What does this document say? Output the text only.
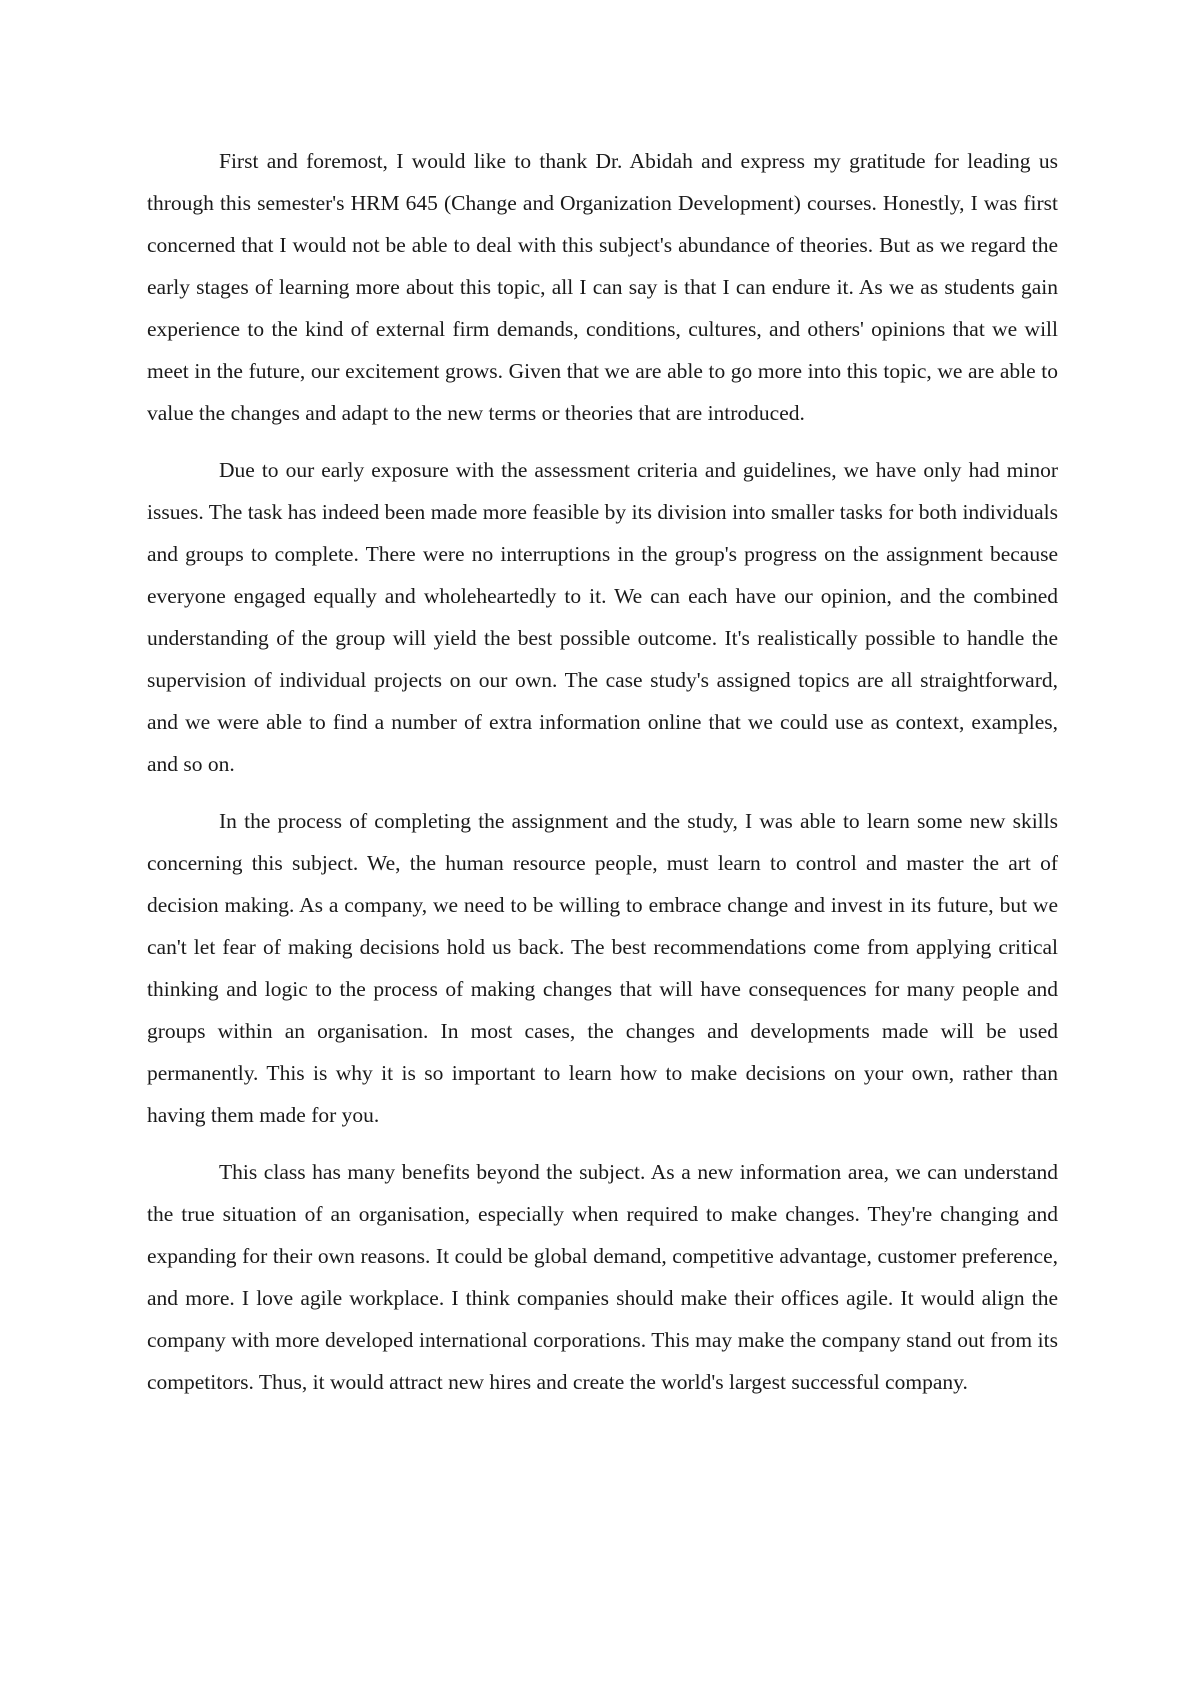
First and foremost, I would like to thank Dr. Abidah and express my gratitude for leading us through this semester's HRM 645 (Change and Organization Development) courses. Honestly, I was first concerned that I would not be able to deal with this subject's abundance of theories. But as we regard the early stages of learning more about this topic, all I can say is that I can endure it. As we as students gain experience to the kind of external firm demands, conditions, cultures, and others' opinions that we will meet in the future, our excitement grows. Given that we are able to go more into this topic, we are able to value the changes and adapt to the new terms or theories that are introduced.

Due to our early exposure with the assessment criteria and guidelines, we have only had minor issues. The task has indeed been made more feasible by its division into smaller tasks for both individuals and groups to complete. There were no interruptions in the group's progress on the assignment because everyone engaged equally and wholeheartedly to it. We can each have our opinion, and the combined understanding of the group will yield the best possible outcome. It's realistically possible to handle the supervision of individual projects on our own. The case study's assigned topics are all straightforward, and we were able to find a number of extra information online that we could use as context, examples, and so on.

In the process of completing the assignment and the study, I was able to learn some new skills concerning this subject. We, the human resource people, must learn to control and master the art of decision making. As a company, we need to be willing to embrace change and invest in its future, but we can't let fear of making decisions hold us back. The best recommendations come from applying critical thinking and logic to the process of making changes that will have consequences for many people and groups within an organisation. In most cases, the changes and developments made will be used permanently. This is why it is so important to learn how to make decisions on your own, rather than having them made for you.

This class has many benefits beyond the subject. As a new information area, we can understand the true situation of an organisation, especially when required to make changes. They're changing and expanding for their own reasons. It could be global demand, competitive advantage, customer preference, and more. I love agile workplace. I think companies should make their offices agile. It would align the company with more developed international corporations. This may make the company stand out from its competitors. Thus, it would attract new hires and create the world's largest successful company.
